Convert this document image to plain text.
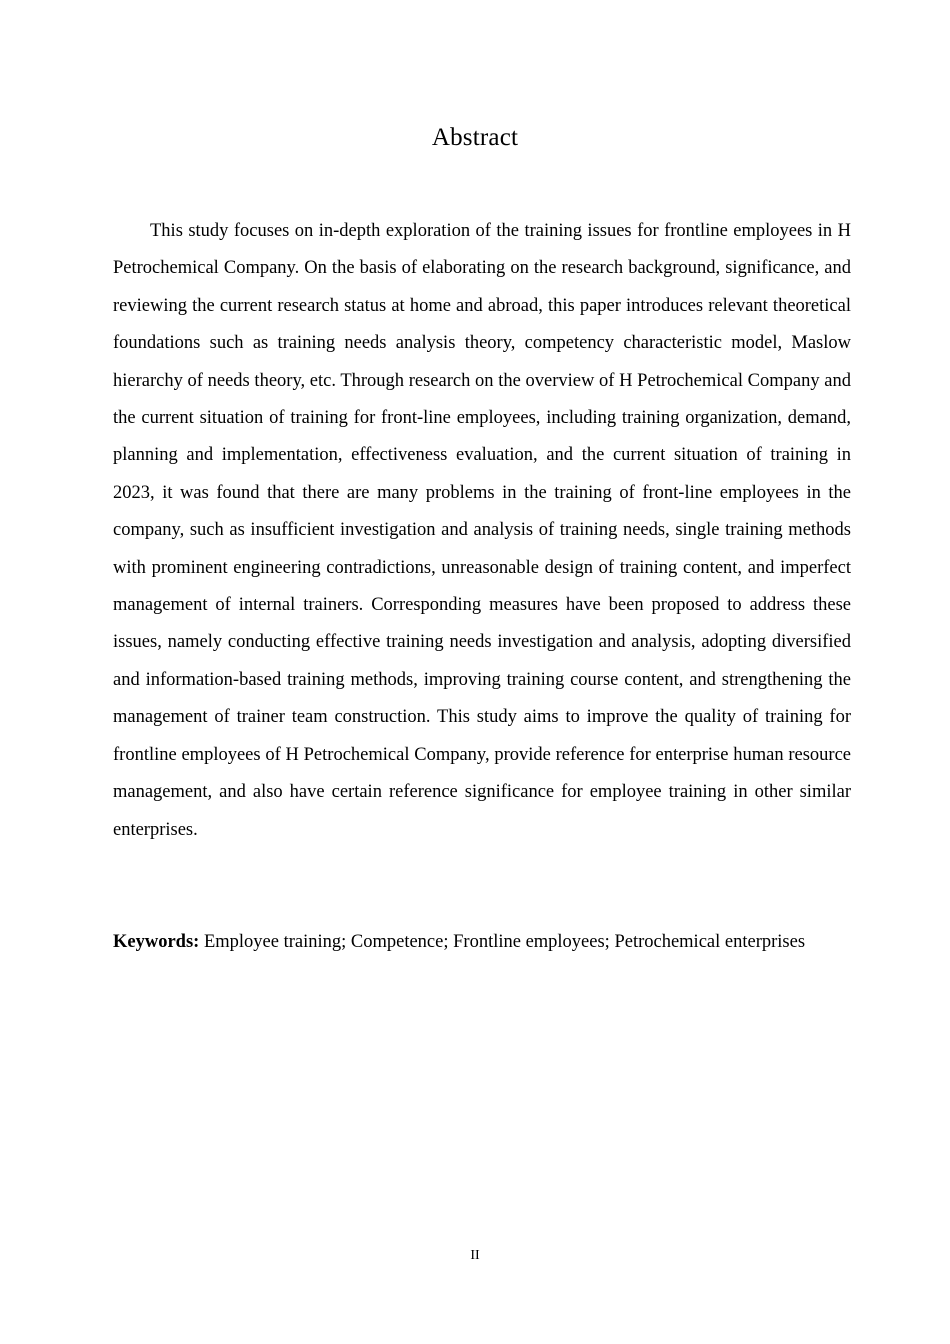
Abstract

This study focuses on in-depth exploration of the training issues for frontline employees in H Petrochemical Company. On the basis of elaborating on the research background, significance, and reviewing the current research status at home and abroad, this paper introduces relevant theoretical foundations such as training needs analysis theory, competency characteristic model, Maslow hierarchy of needs theory, etc. Through research on the overview of H Petrochemical Company and the current situation of training for front-line employees, including training organization, demand, planning and implementation, effectiveness evaluation, and the current situation of training in 2023, it was found that there are many problems in the training of front-line employees in the company, such as insufficient investigation and analysis of training needs, single training methods with prominent engineering contradictions, unreasonable design of training content, and imperfect management of internal trainers. Corresponding measures have been proposed to address these issues, namely conducting effective training needs investigation and analysis, adopting diversified and information-based training methods, improving training course content, and strengthening the management of trainer team construction. This study aims to improve the quality of training for frontline employees of H Petrochemical Company, provide reference for enterprise human resource management, and also have certain reference significance for employee training in other similar enterprises.

Keywords: Employee training; Competence; Frontline employees; Petrochemical enterprises

II
